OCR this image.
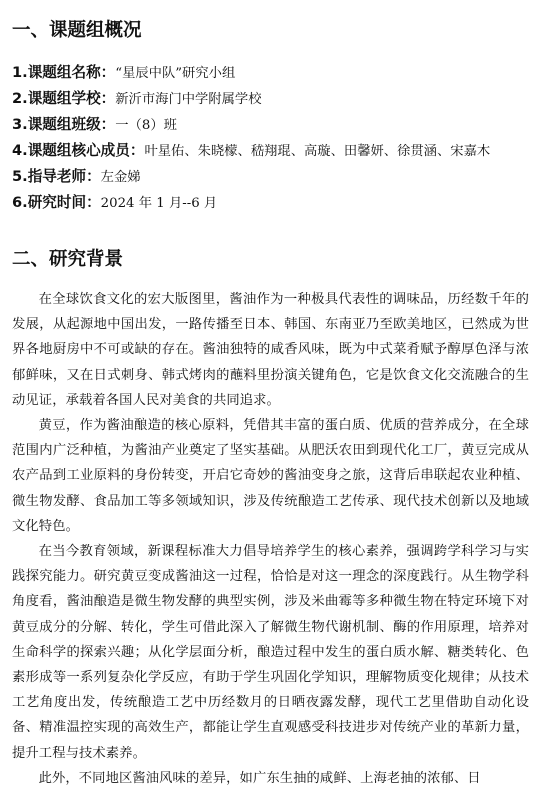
一、课题组概况
1.课题组名称：“星辰中队”研究小组
2.课题组学校：新沂市海门中学附属学校
3.课题组班级：一（8）班
4.课题组核心成员：叶星佑、朱晓檬、嵇翔琨、高璇、田馨妍、徐贯涵、宋嘉木
5.指导老师：左金娣
6.研究时间：2024 年 1 月--6 月
二、研究背景

在全球饮食文化的宏大版图里，酱油作为一种极具代表性的调味品，历经数千年的发展，从起源地中国出发，一路传播至日本、韩国、东南亚乃至欧美地区，已然成为世界各地厨房中不可或缺的存在。酱油独特的咸香风味，既为中式菜肴赋予醇厚色泽与浓郁鲜味，又在日式刺身、韩式烤肉的蘸料里扮演关键角色，它是饮食文化交流融合的生动见证，承载着各国人民对美食的共同追求。

黄豆，作为酱油酿造的核心原料，凭借其丰富的蛋白质、优质的营养成分，在全球范围内广泛种植，为酱油产业奠定了坚实基础。从肥沃农田到现代化工厂，黄豆完成从农产品到工业原料的身份转变，开启它奇妙的酱油变身之旅，这背后串联起农业种植、微生物发酵、食品加工等多领域知识，涉及传统酿造工艺传承、现代技术创新以及地域文化特色。

在当今教育领域，新课程标准大力倡导培养学生的核心素养，强调跨学科学习与实践探究能力。研究黄豆变成酱油这一过程，恰恰是对这一理念的深度践行。从生物学科角度看，酱油酿造是微生物发酵的典型实例，涉及米曲霉等多种微生物在特定环境下对黄豆成分的分解、转化，学生可借此深入了解微生物代谢机制、酶的作用原理，培养对生命科学的探索兴趣；从化学层面分析，酿造过程中发生的蛋白质水解、糖类转化、色素形成等一系列复杂化学反应，有助于学生巩固化学知识，理解物质变化规律；从技术工艺角度出发，传统酿造工艺中历经数月的日晒夜露发酵，现代工艺里借助自动化设备、精准温控实现的高效生产，都能让学生直观感受科技进步对传统产业的革新力量，提升工程与技术素养。

此外，不同地区酱油风味的差异，如广东生抽的咸鲜、上海老抽的浓郁、日
